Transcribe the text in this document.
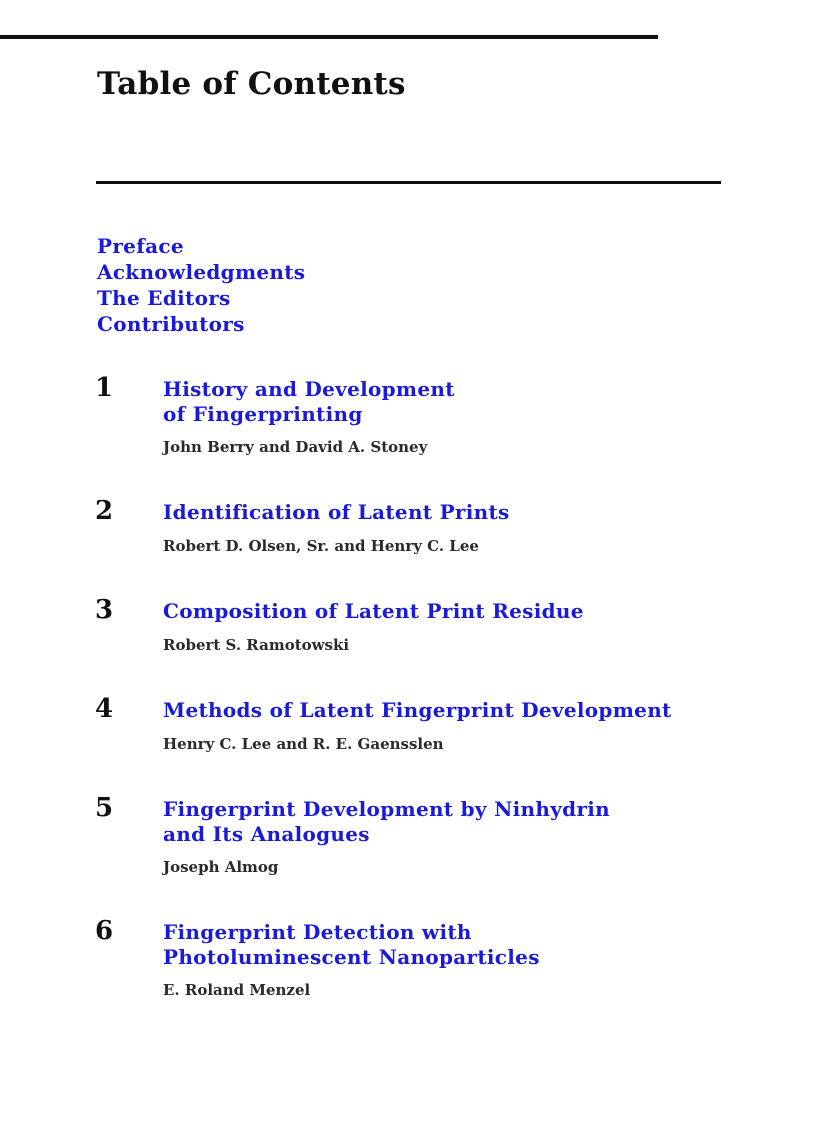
Table of Contents
Preface
Acknowledgments
The Editors
Contributors
1 History and Development
of Fingerprinting
John Berry and David A. Stoney
2 Identification of Latent Prints
Robert D. Olsen, Sr. and Henry C. Lee
3 Composition of Latent Print Residue
Robert S. Ramotowski
4 Methods of Latent Fingerprint Development
Henry C. Lee and R. E. Gaensslen
5 Fingerprint Development by Ninhydrin
and Its Analogues
Joseph Almog
6 Fingerprint Detection with
Photoluminescent Nanoparticles
E. Roland Menzel
